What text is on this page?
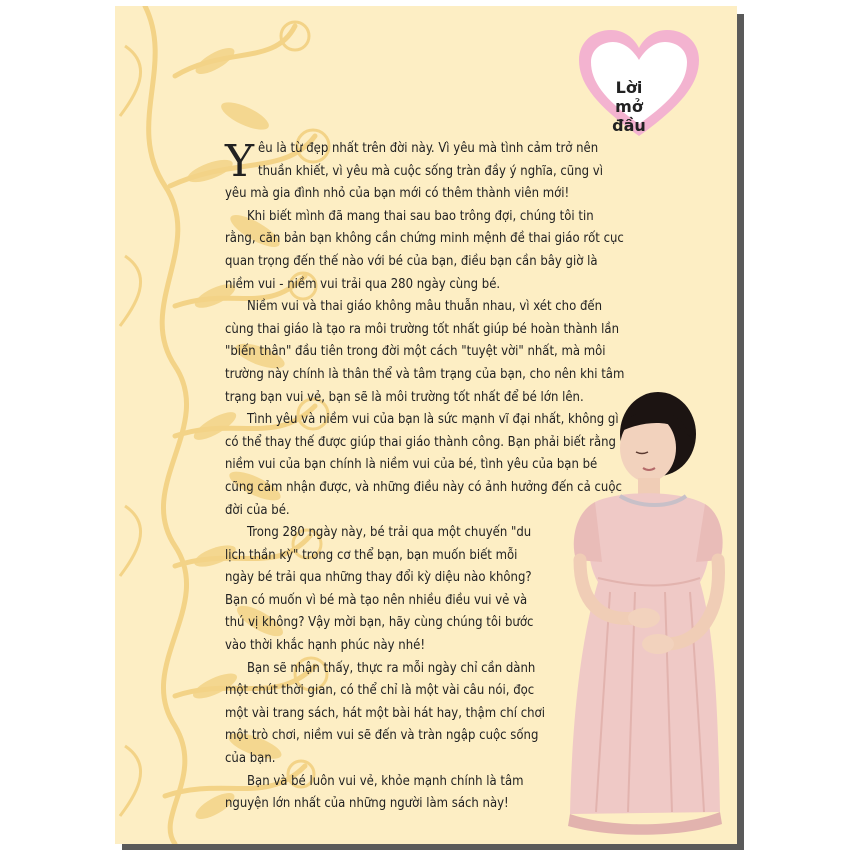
Lời mở
đầu

Yêu là từ đẹp nhất trên đời này. Vì yêu mà tình cảm trở nên thuần khiết, vì yêu mà cuộc sống tràn đầy ý nghĩa, cũng vì yêu mà gia đình nhỏ của bạn mới có thêm thành viên mới!

Khi biết mình đã mang thai sau bao trông đợi, chúng tôi tin rằng, căn bản bạn không cần chứng minh mệnh đề thai giáo rốt cục quan trọng đến thế nào với bé của bạn, điều bạn cần bây giờ là niềm vui - niềm vui trải qua 280 ngày cùng bé.

Niềm vui và thai giáo không mâu thuẫn nhau, vì xét cho đến cùng thai giáo là tạo ra môi trường tốt nhất giúp bé hoàn thành lần "biến thân" đầu tiên trong đời một cách "tuyệt vời" nhất, mà môi trường này chính là thân thể và tâm trạng của bạn, cho nên khi tâm trạng bạn vui vẻ, bạn sẽ là môi trường tốt nhất để bé lớn lên.

Tình yêu và niềm vui của bạn là sức mạnh vĩ đại nhất, không gì có thể thay thế được giúp thai giáo thành công. Bạn phải biết rằng niềm vui của bạn chính là niềm vui của bé, tình yêu của bạn bé cũng cảm nhận được, và những điều này có ảnh hưởng đến cả cuộc đời của bé.

Trong 280 ngày này, bé trải qua một chuyến "du lịch thần kỳ" trong cơ thể bạn, bạn muốn biết mỗi ngày bé trải qua những thay đổi kỳ diệu nào không? Bạn có muốn vì bé mà tạo nên nhiều điều vui vẻ và thú vị không? Vậy mời bạn, hãy cùng chúng tôi bước vào thời khắc hạnh phúc này nhé!

Bạn sẽ nhận thấy, thực ra mỗi ngày chỉ cần dành một chút thời gian, có thể chỉ là một vài câu nói, đọc một vài trang sách, hát một bài hát hay, thậm chí chơi một trò chơi, niềm vui sẽ đến và tràn ngập cuộc sống của bạn.

Bạn và bé luôn vui vẻ, khỏe mạnh chính là tâm nguyện lớn nhất của những người làm sách này!
